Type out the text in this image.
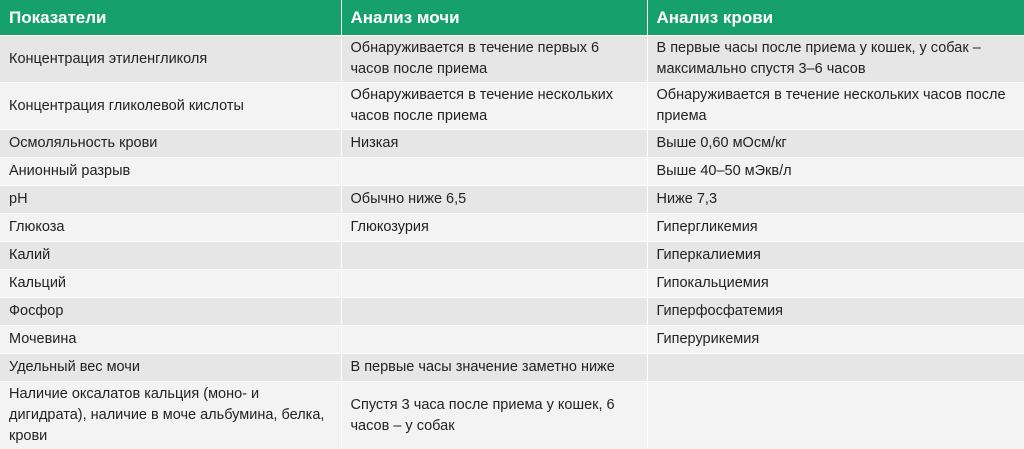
Показатели	Анализ мочи	Анализ крови
Концентрация этиленгликоля	Обнаруживается в течение первых 6 часов после приема	В первые часы после приема у кошек, у собак – максимально спустя 3–6 часов
Концентрация гликолевой кислоты	Обнаруживается в течение нескольких часов после приема	Обнаруживается в течение нескольких часов после приема
Осмоляльность крови	Низкая	Выше 0,60 мОсм/кг
Анионный разрыв		Выше 40–50 мЭкв/л
pH	Обычно ниже 6,5	Ниже 7,3
Глюкоза	Глюкозурия	Гипергликемия
Калий		Гиперкалиемия
Кальций		Гипокальциемия
Фосфор		Гиперфосфатемия
Мочевина		Гиперурикемия
Удельный вес мочи	В первые часы значение заметно ниже	
Наличие оксалатов кальция (моно- и дигидрата), наличие в моче альбумина, белка, крови	Спустя 3 часа после приема у кошек, 6 часов – у собак	
